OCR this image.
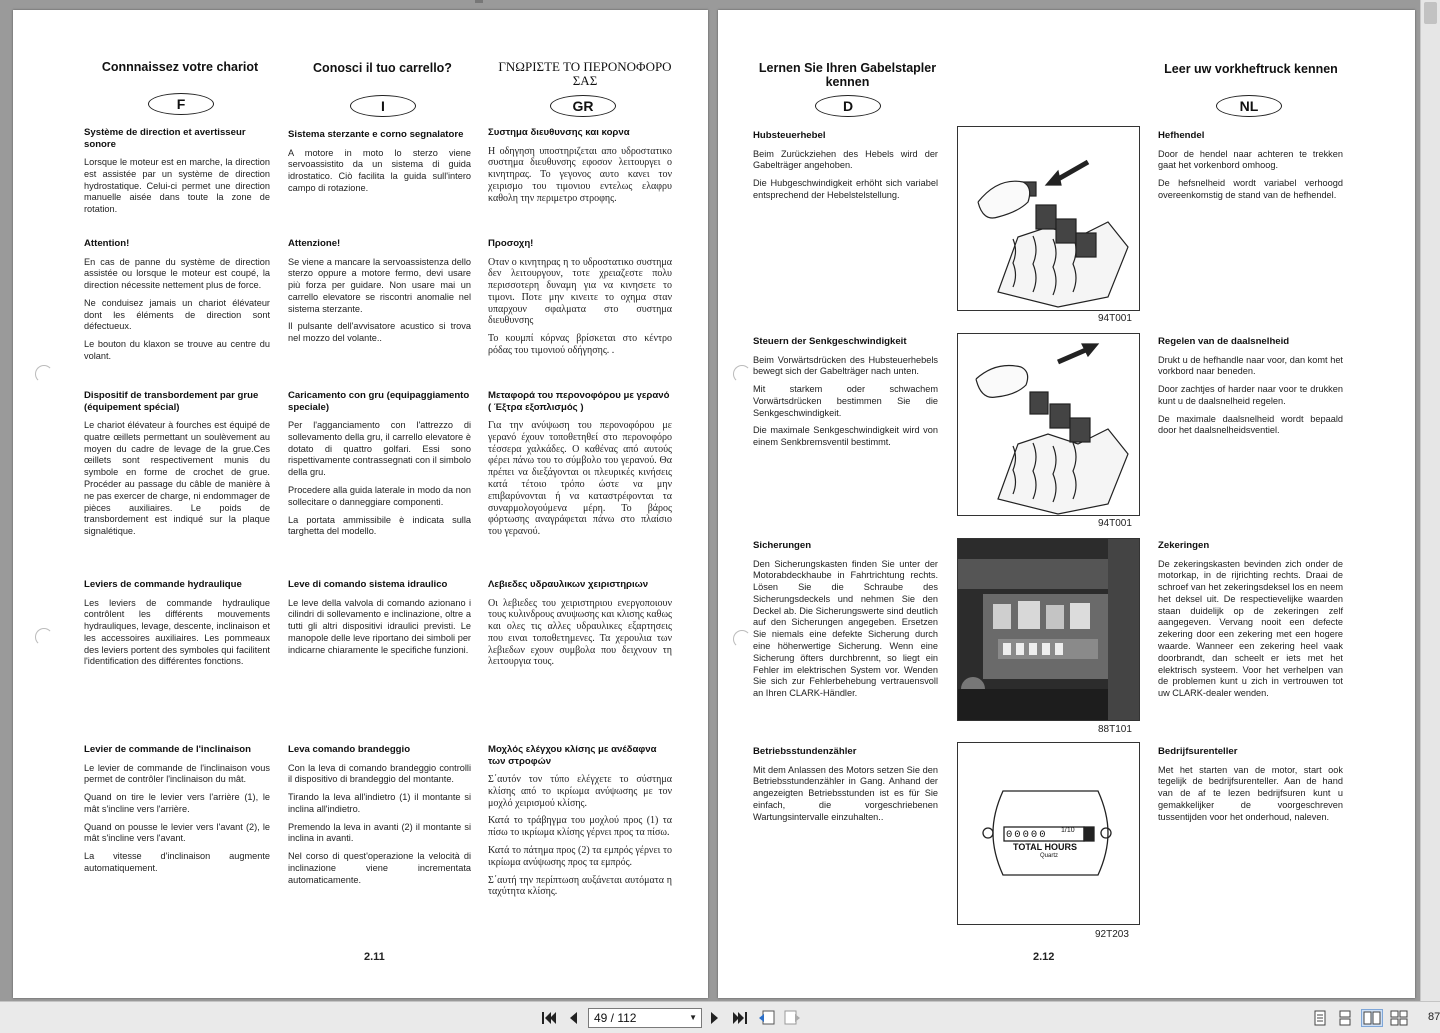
Connnaissez votre chariot	Conosci il tuo carrello?	ΓΝΩΡΙΣΤΕ ΤΟ ΠΕΡΟΝΟΦΟΡΟ ΣΑΣ
F	I	GR
Système de direction et avertisseur sonore

Lorsque le moteur est en marche, la direction est assistée par un système de direction hydrostatique. Celui-ci permet une direction manuelle aisée dans toute la zone de rotation.

Attention!

En cas de panne du système de direction assistée ou lorsque le moteur est coupé, la direction nécessite nettement plus de force.

Ne conduisez jamais un chariot élévateur dont les éléments de direction sont défectueux.

Le bouton du klaxon se trouve au centre du volant.

Dispositif de transbordement par grue (équipement spécial)

Le chariot élévateur à fourches est équipé de quatre œillets permettant un soulèvement au moyen du cadre de levage de la grue.Ces œillets sont respectivement munis du symbole en forme de crochet de grue. Procéder au passage du câble de manière à ne pas exercer de charge, ni endommager de pièces auxiliaires. Le poids de transbordement est indiqué sur la plaque signalétique.

Leviers de commande hydraulique

Les leviers de commande hydraulique contrôlent les différents mouvements hydrauliques, levage, descente, inclinaison et les accessoires auxiliaires. Les pommeaux des leviers portent des symboles qui facilitent l'identification des différentes fonctions.

Levier de commande de l'inclinaison

Le levier de commande de l'inclinaison vous permet de contrôler l'inclinaison du mât.

Quand on tire le levier vers l'arrière (1), le mât s'incline vers l'arrière.

Quand on pousse le levier vers l'avant (2), le mât s'incline vers l'avant.

La vitesse d'inclinaison augmente automatiquement.

Sistema sterzante e corno segnalatore

A motore in moto lo sterzo viene servoassistito da un sistema di guida idrostatico. Ciò facilita la guida sull'intero campo di rotazione.

Attenzione!

Se viene a mancare la servoassistenza dello sterzo oppure a motore fermo, devi usare più forza per guidare. Non usare mai un carrello elevatore se riscontri anomalie nel sistema sterzante.

Il pulsante dell'avvisatore acustico si trova nel mozzo del volante..

Caricamento con gru (equipaggiamento speciale)

Per l'agganciamento con l'attrezzo di sollevamento della gru, il carrello elevatore è dotato di quattro golfari. Essi sono rispettivamente contrassegnati con il simbolo della gru.

Procedere alla guida laterale in modo da non sollecitare o danneggiare componenti.

La portata ammissibile è indicata sulla targhetta del modello.

Leve di comando sistema idraulico

Le leve della valvola di comando azionano i cilindri di sollevamento e inclinazione, oltre a tutti gli altri dispositivi idraulici previsti. Le manopole delle leve riportano dei simboli per indicarne chiaramente le specifiche funzioni.

Leva comando brandeggio

Con la leva di comando brandeggio controlli il dispositivo di brandeggio del montante.

Tirando la leva all'indietro (1) il montante si inclina all'indietro.

Premendo la leva in avanti (2) il montante si inclina in avanti.

Nel corso di quest'operazione la velocità di inclinazione viene incrementata automaticamente.

Συστημα διευθυνσης και κορνα

Η οδηγηση υποστηριζεται απο υδροστατικο συστημα διευθυνσης εφοσον λειτουργει ο κινητηρας. Το γεγονος αυτο κανει τον χειρισμο του τιμονιου εντελως ελαφρυ καθολη την περιμετρο στροφης.

Προσοχη!

Οταν ο κινητηρας η το υδροστατικο συστημα δεν λειτουργουν, τοτε χρειαζεστε πολυ περισσοτερη δυναμη για να κινησετε το τιμονι. Ποτε μην κινειτε το οχημα σταν υπαρχουν σφαλματα στο συστημα διευθυνσης

Το κουμπί κόρνας βρίσκεται στο κέντρο ρόδας του τιμονιού οδήγησης. .

Μεταφορά του περονοφόρου με γερανό ( Έξτρα εξοπλισμός )

Για την ανύψωση του περονοφόρου με γερανό έχουν τοποθετηθεί στο περονοφόρο τέσσερα χαλκάδες. Ο καθένας από αυτούς φέρει πάνω του το σύμβολο του γερανού. Θα πρέπει να διεξάγονται οι πλευρικές κινήσεις κατά τέτοιο τρόπο ώστε να μην επιβαρύνονται ή να καταστρέφονται τα συναρμολογούμενα μέρη. Το βάρος φόρτωσης αναγράφεται πάνω στο πλαίσιο του γερανού.

Λεβιεδες υδραυλικων χειριστηριων

Οι λεβιεδες του χειριστηριου ενεργοποιουν τους κυλινδρους ανυψωσης και κλισης καθως και ολες τις αλλες υδραυλικες εξαρτησεις που ειναι τοποθετημενες. Τα χερουλια των λεβιεδων εχουν συμβολα που δειχνουν τη λειτουργια τους.

Μοχλός ελέγχου κλίσης με ανέδαφνα των στροφών

Σ΄αυτόν τον τύπο ελέγχετε το σύστημα κλίσης από το ικρίωμα ανύψωσης με τον μοχλό χειρισμού κλίσης.

Κατά το τράβηγμα του μοχλού προς (1) τα πίσω το ικρίωμα κλίσης γέρνει προς τα πίσω.

Κατά το πάτημα προς (2) τα εμπρός γέρνει το ικρίωμα ανύψωσης προς τα εμπρός.

Σ΄αυτή την περίπτωση αυξάνεται αυτόματα η ταχύτητα κλίσης.

2.11
Lernen Sie Ihren Gabelstapler kennen
Leer uw vorkheftruck kennen
D	NL
Hubsteuerhebel

Beim Zurückziehen des Hebels wird der Gabelträger angehoben.

Die Hubgeschwindigkeit erhöht sich variabel entsprechend der Hebelstelstellung.

Hefhendel

Door de hendel naar achteren te trekken gaat het vorkenbord omhoog.

De hefsnelheid wordt variabel verhoogd overeenkomstig de stand van de hefhendel.

Steuern der Senkgeschwindigkeit

Beim Vorwärtsdrücken des Hubsteuerhebels bewegt sich der Gabelträger nach unten.

Mit starkem oder schwachem Vorwärtsdrücken bestimmen Sie die Senkgeschwindigkeit.

Die maximale Senkgeschwindigkeit wird von einem Senkbremsventil bestimmt.

Regelen van de daalsnelheid

Drukt u de hefhandle naar voor, dan komt het vorkbord naar beneden.

Door zachtjes of harder naar voor te drukken kunt u de daalsnelheid regelen.

De maximale daalsnelheid wordt bepaald door het daalsnelheidsventiel.

Sicherungen

Den Sicherungskasten finden Sie unter der Motorabdeckhaube in Fahrtrichtung rechts. Lösen Sie die Schraube des Sicherungsdeckels und nehmen Sie den Deckel ab. Die Sicherungswerte sind deutlich auf den Sicherungen angegeben. Ersetzen Sie niemals eine defekte Sicherung durch eine höherwertige Sicherung. Wenn eine Sicherung öfters durchbrennt, so liegt ein Fehler im elektrischen System vor. Wenden Sie sich zur Fehlerbehebung vertrauensvoll an Ihren CLARK-Händler.

Zekeringen

De zekeringskasten bevinden zich onder de motorkap, in de rijrichting rechts. Draai de schroef van het zekeringsdeksel los en neem het deksel uit. De respectievelijke waarden staan duidelijk op de zekeringen zelf aangegeven. Vervang nooit een defecte zekering door een zekering met een hogere waarde. Wanneer een zekering heel vaak doorbrandt, dan scheelt er iets met het elektrisch systeem. Voor het verhelpen van de problemen kunt u zich in vertrouwen tot uw CLARK-dealer wenden.

Betriebsstundenzähler

Mit dem Anlassen des Motors setzen Sie den Betriebsstundenzähler in Gang. Anhand der angezeigten Betriebsstunden ist es für Sie einfach, die vorgeschriebenen Wartungsintervalle einzuhalten..

Bedrijfsurenteller

Met het starten van de motor, start ook tegelijk de bedrijfsurenteller. Aan de hand van de af te lezen bedrijfsuren kunt u gemakkelijker de voorgeschreven tussentijden voor het onderhoud, naleven.

94T001
94T001
88T101
00000 1/10
TOTAL HOURS
Quartz
92T203
2.12
49 / 112	▼	87
